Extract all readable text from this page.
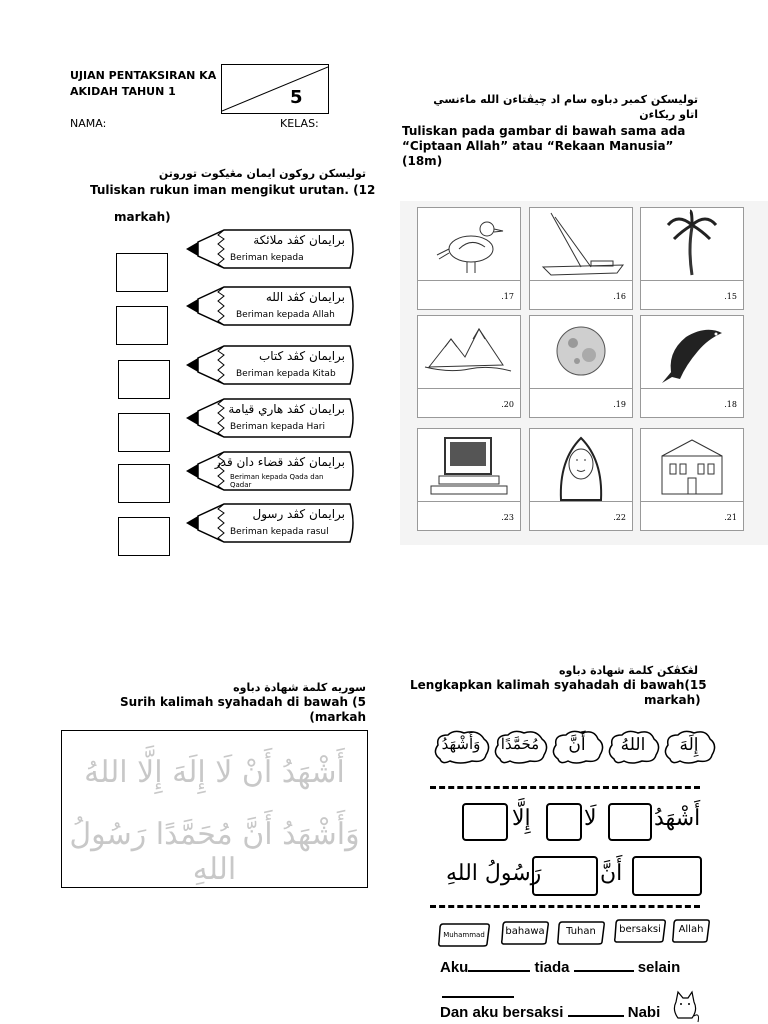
UJIAN PENTAKSIRAN KA
AKIDAH TAHUN 1
NAMA:	KELAS:
5
توليسكن روكون ايمان مڠيكوت توروتن
Tuliskan rukun iman mengikut urutan. (12
markah)
برايمان كڤد ملائكة
Beriman kepada
برايمان كڤد الله
Beriman kepada Allah
برايمان كڤد كتاب
Beriman kepada Kitab
برايمان كڤد هاري قيامة
Beriman kepada Hari
برايمان كڤد قضاء دان قدر
Beriman kepada Qada dan Qadar
برايمان كڤد رسول
Beriman kepada rasul
توليسكن كمبر دباوه سام اد چيڤتاءن الله ماءنسي
اتاو ريكاءن
Tuliskan pada gambar di bawah sama ada
“Ciptaan Allah” atau “Rekaan Manusia”
(18m)
.17	.16	.15
.20	.19	.18
.23	.22	.21
سوريه كلمة شهادة دباوه
Surih kalimah syahadah di bawah (5
markah)
أَشْهَدُ أَنْ لَا إِلَهَ إِلَّا اللهُ
وَأَشْهَدُ أَنَّ مُحَمَّدًا رَسُولُ اللهِ
لڠكڤكن كلمة شهادة دباوه
Lengkapkan kalimah syahadah di bawah(15
markah)
إِلَهَ
اللهُ
أَنَّ
مُحَمَّدًا
وَأَشْهَدُ
أَشْهَدُ
لَا
إِلَّا
أَنَّ
رَسُولُ اللهِ
Muhammad	bahawa	Tuhan	bersaksi	Allah
Aku	tiada	selain
Dan aku bersaksi	Nabi
